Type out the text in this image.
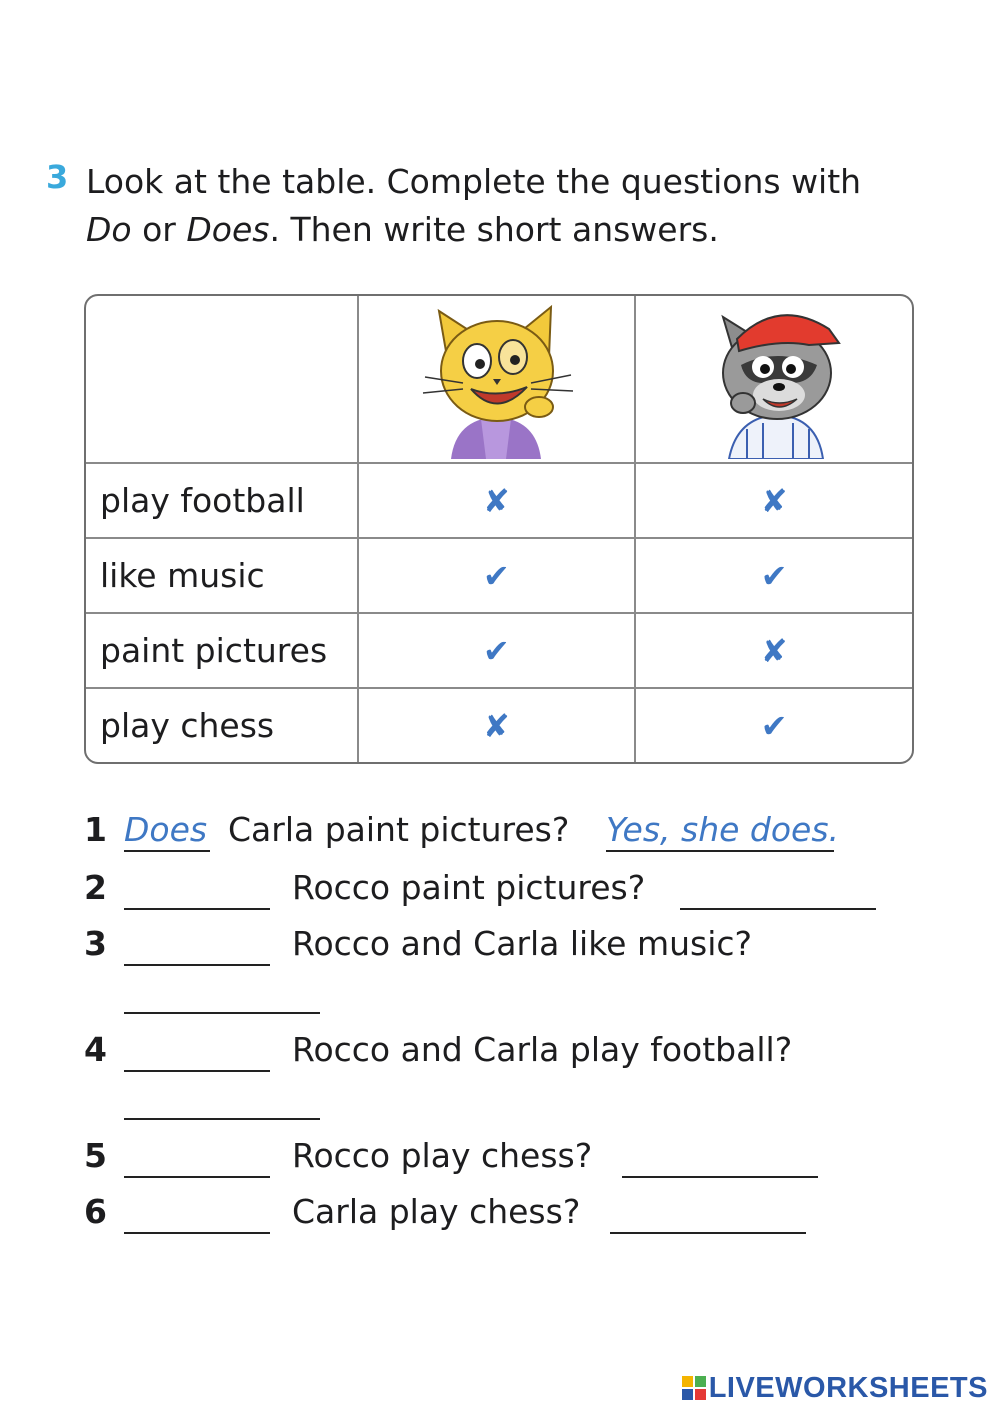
3 Look at the table. Complete the questions with
Do or Does. Then write short answers.

play football	✘	✘
like music	✔	✔
paint pictures	✔	✘
play chess	✘	✔
1 Does Carla paint pictures? Yes, she does.
2	Rocco paint pictures?
3	Rocco and Carla like music?
4	Rocco and Carla play football?
5	Rocco play chess?
6	Carla play chess?
LIVEWORKSHEETS
